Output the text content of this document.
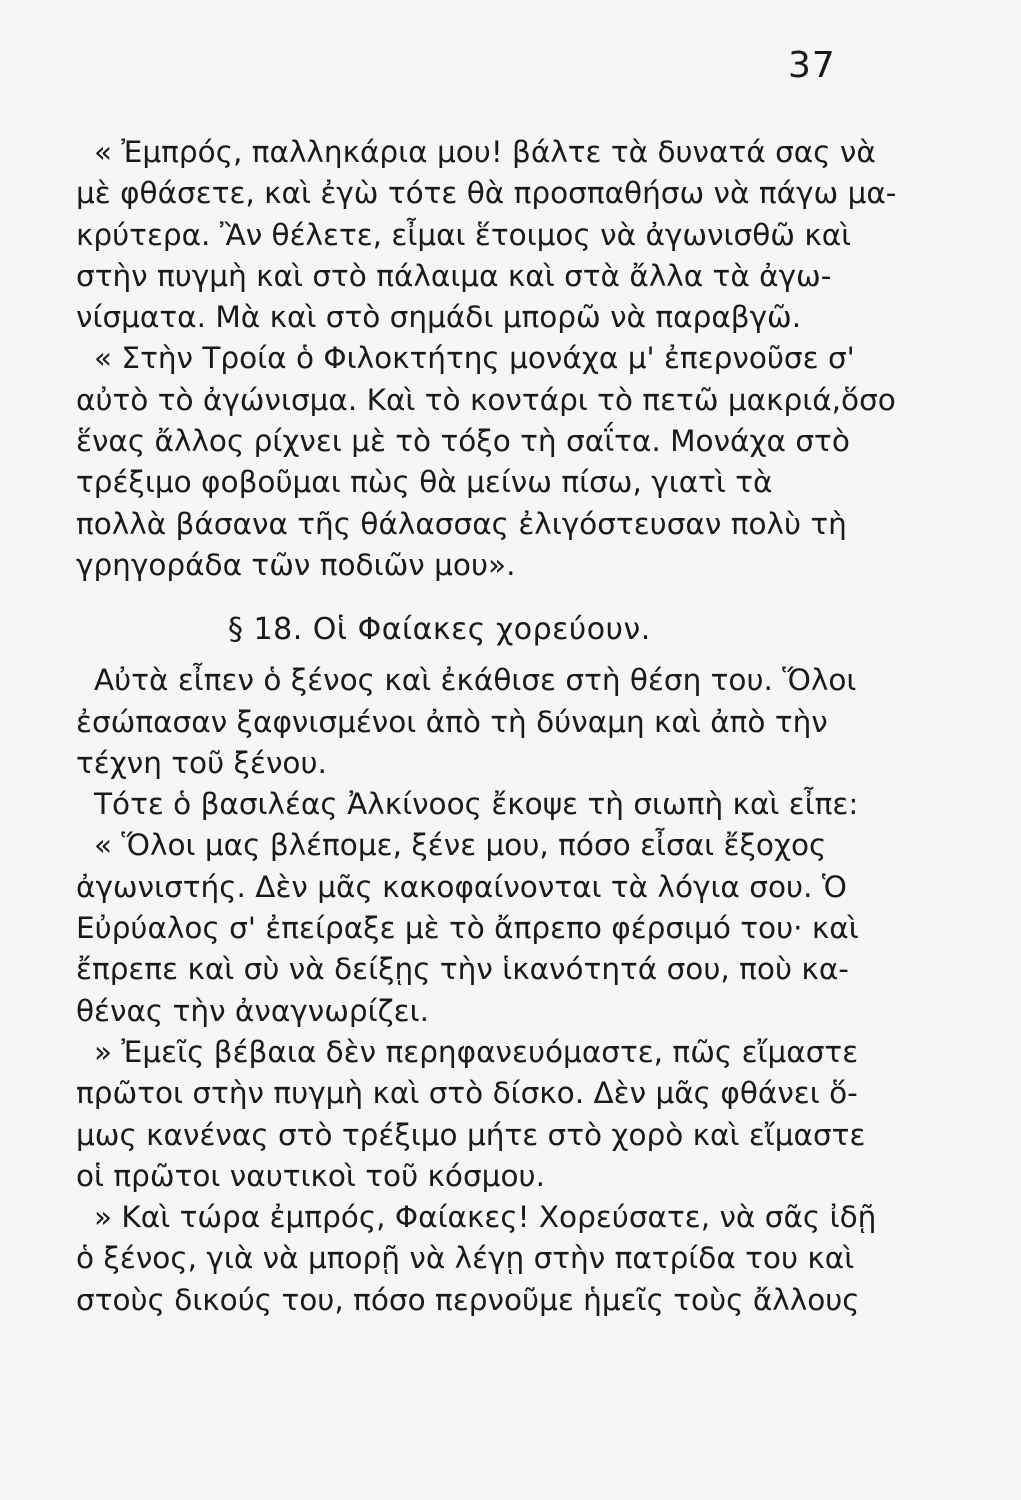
37
« Ἐμπρός, παλληκάρια μου! βάλτε τὰ δυνατά σας νὰ
μὲ φθάσετε, καὶ ἐγὼ τότε θὰ προσπαθήσω νὰ πάγω μα-
κρύτερα. Ἂν θέλετε, εἶμαι ἕτοιμος νὰ ἀγωνισθῶ καὶ
στὴν πυγμὴ καὶ στὸ πάλαιμα καὶ στὰ ἄλλα τὰ ἀγω-
νίσματα. Μὰ καὶ στὸ σημάδι μπορῶ νὰ παραβγῶ.
« Στὴν Τροία ὁ Φιλοκτήτης μονάχα μ' ἐπερνοῦσε σ'
αὐτὸ τὸ ἀγώνισμα. Καὶ τὸ κοντάρι τὸ πετῶ μακριά,ὅσο
ἕνας ἄλλος ρίχνει μὲ τὸ τόξο τὴ σαΐτα. Μονάχα στὸ
τρέξιμο φοβοῦμαι πὼς θὰ μείνω πίσω, γιατὶ τὰ
πολλὰ βάσανα τῆς θάλασσας ἐλιγόστευσαν πολὺ τὴ
γρηγοράδα τῶν ποδιῶν μου».
§ 18. Οἱ Φαίακες χορεύουν.
Αὐτὰ εἶπεν ὁ ξένος καὶ ἐκάθισε στὴ θέση του. Ὅλοι
ἐσώπασαν ξαφνισμένοι ἀπὸ τὴ δύναμη καὶ ἀπὸ τὴν
τέχνη τοῦ ξένου.
Τότε ὁ βασιλέας Ἀλκίνοος ἔκοψε τὴ σιωπὴ καὶ εἶπε:
« Ὅλοι μας βλέπομε, ξένε μου, πόσο εἶσαι ἔξοχος
ἀγωνιστής. Δὲν μᾶς κακοφαίνονται τὰ λόγια σου. Ὁ
Εὐρύαλος σ' ἐπείραξε μὲ τὸ ἄπρεπο φέρσιμό του· καὶ
ἔπρεπε καὶ σὺ νὰ δείξῃς τὴν ἱκανότητά σου, ποὺ κα-
θένας τὴν ἀναγνωρίζει.
» Ἐμεῖς βέβαια δὲν περηφανευόμαστε, πῶς εἴμαστε
πρῶτοι στὴν πυγμὴ καὶ στὸ δίσκο. Δὲν μᾶς φθάνει ὅ-
μως κανένας στὸ τρέξιμο μήτε στὸ χορὸ καὶ εἴμαστε
οἱ πρῶτοι ναυτικοὶ τοῦ κόσμου.
» Καὶ τώρα ἐμπρός, Φαίακες! Χορεύσατε, νὰ σᾶς ἰδῇ
ὁ ξένος, γιὰ νὰ μπορῇ νὰ λέγῃ στὴν πατρίδα του καὶ
στοὺς δικούς του, πόσο περνοῦμε ἡμεῖς τοὺς ἄλλους
